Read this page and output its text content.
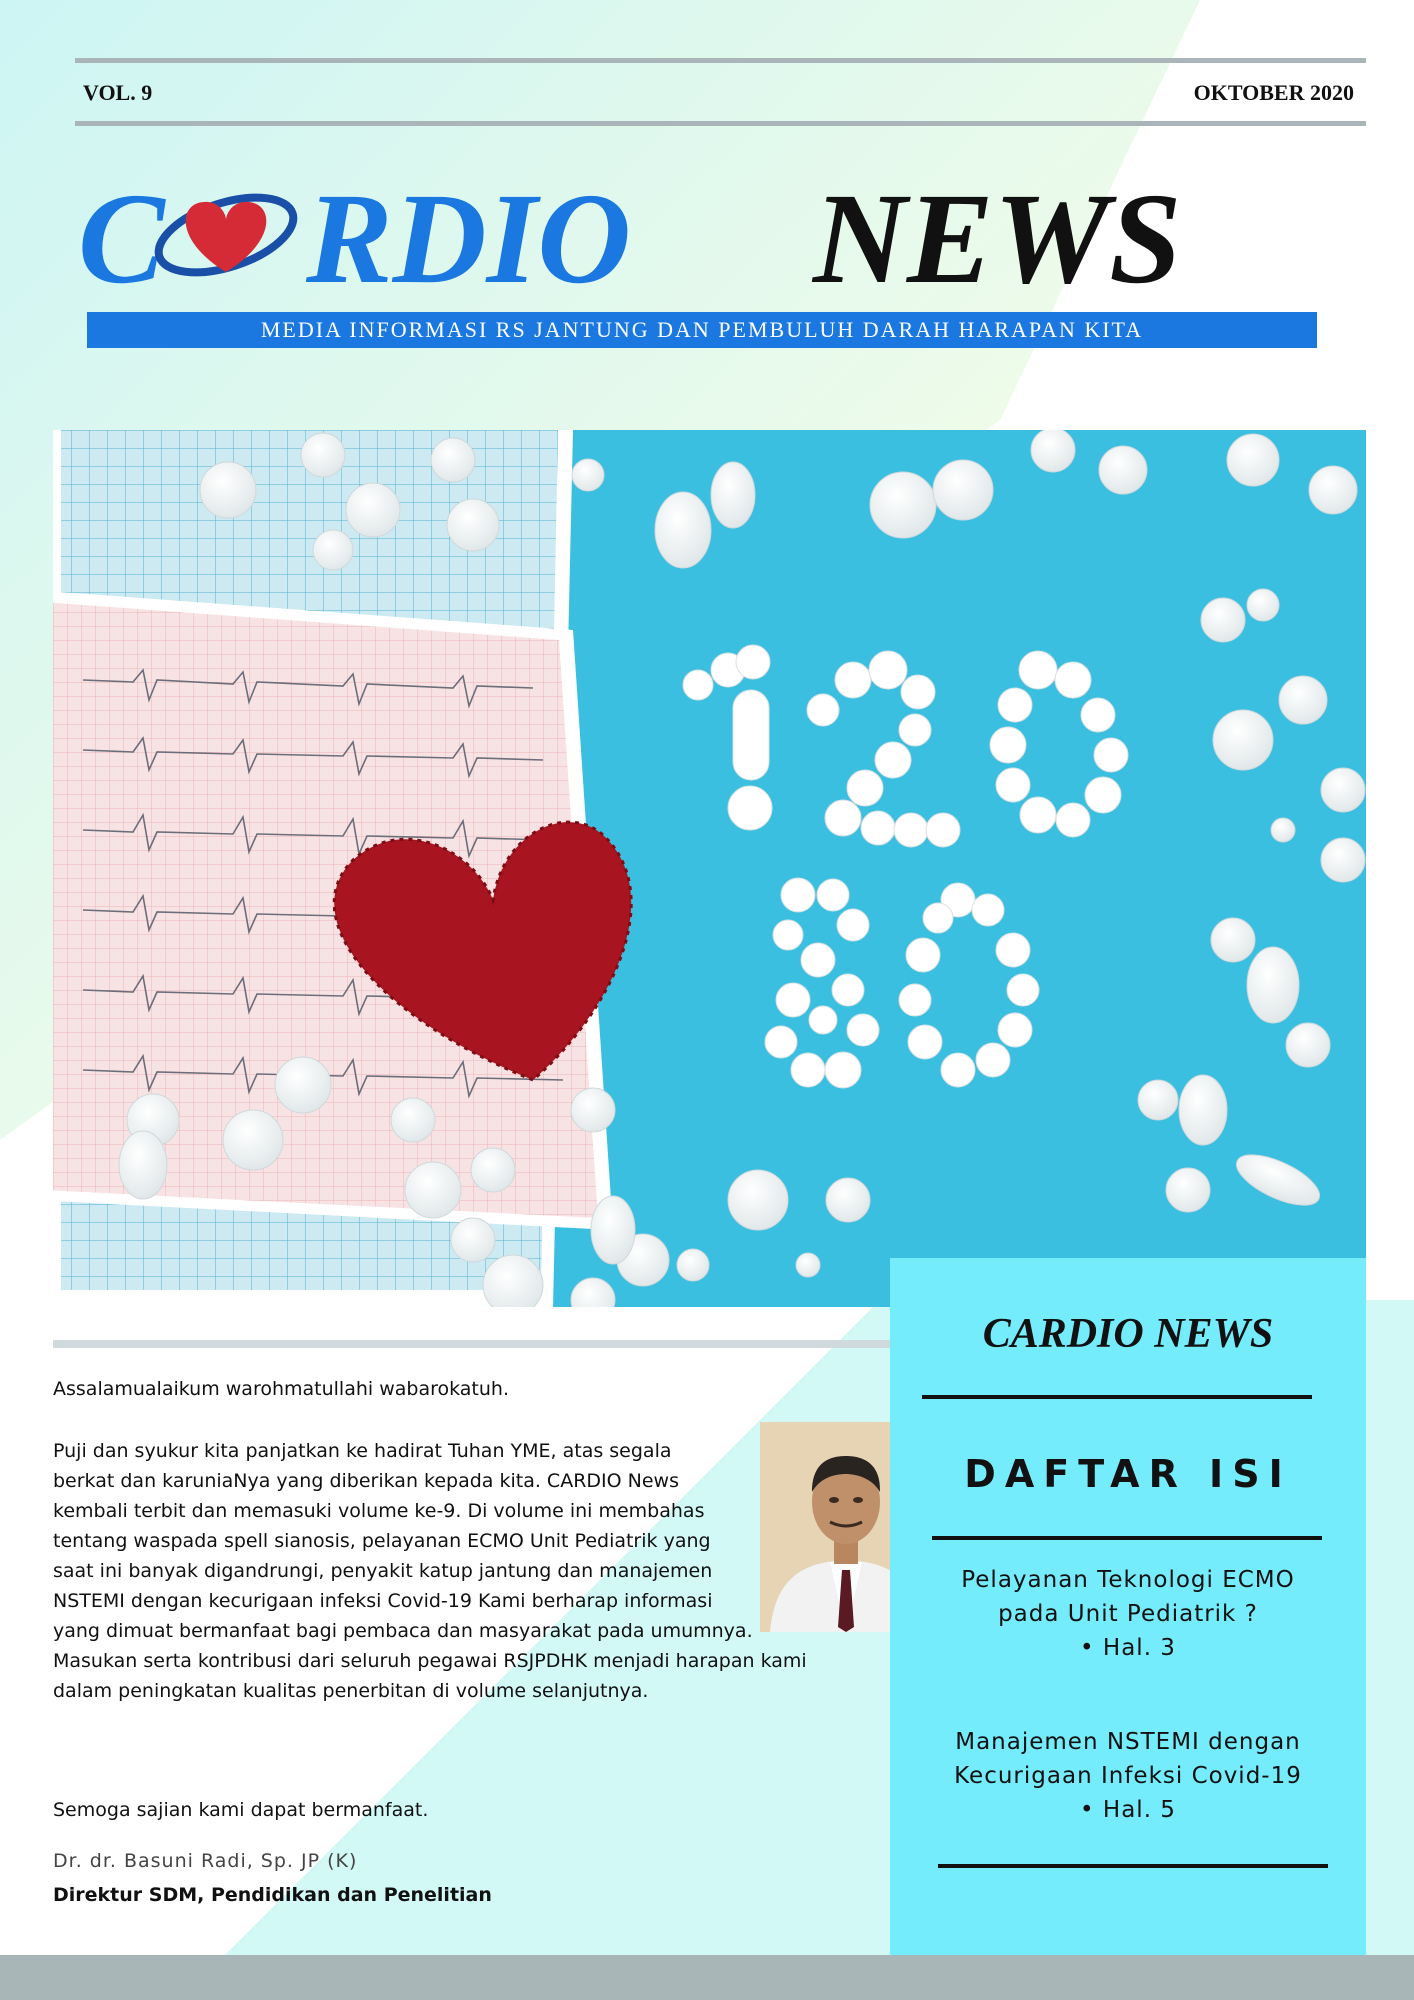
VOL. 9	OKTOBER 2020
C RDIO NEWS
MEDIA INFORMASI RS JANTUNG DAN PEMBULUH DARAH HARAPAN KITA
Assalamualaikum warohmatullahi wabarokatuh.
Puji dan syukur kita panjatkan ke hadirat Tuhan YME, atas segala
berkat dan karuniaNya yang diberikan kepada kita. CARDIO News
kembali terbit dan memasuki volume ke-9. Di volume ini membahas
tentang waspada spell sianosis, pelayanan ECMO Unit Pediatrik yang
saat ini banyak digandrungi, penyakit katup jantung dan manajemen
NSTEMI dengan kecurigaan infeksi Covid-19 Kami berharap informasi
yang dimuat bermanfaat bagi pembaca dan masyarakat pada umumnya.
Masukan serta kontribusi dari seluruh pegawai RSJPDHK menjadi harapan kami
dalam peningkatan kualitas penerbitan di volume selanjutnya.
Semoga sajian kami dapat bermanfaat.
Dr. dr. Basuni Radi, Sp. JP (K)
Direktur SDM, Pendidikan dan Penelitian
CARDIO NEWS
DAFTAR ISI
Pelayanan Teknologi ECMO
pada Unit Pediatrik ?
• Hal. 3
Manajemen NSTEMI dengan
Kecurigaan Infeksi Covid-19
• Hal. 5
